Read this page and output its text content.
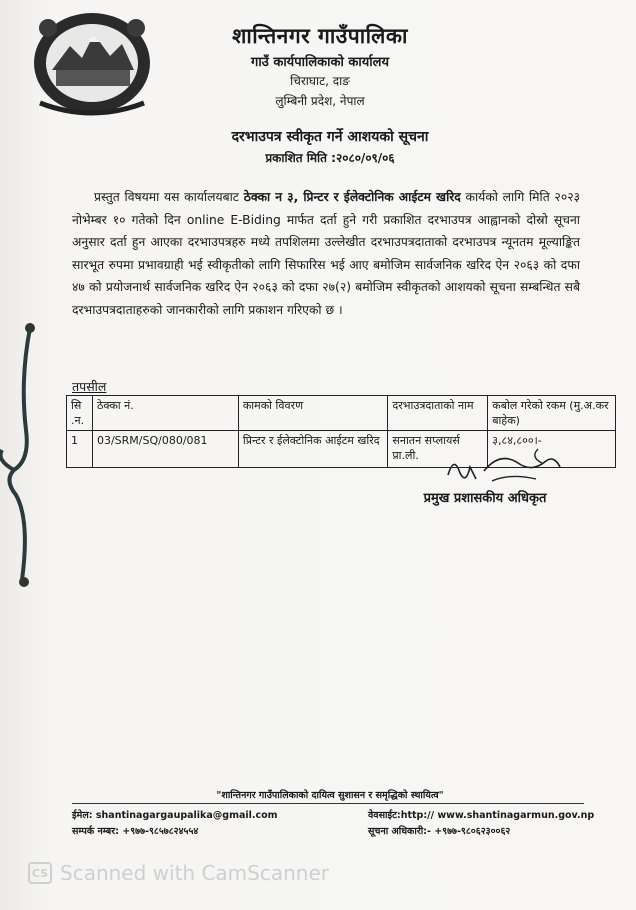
शान्तिनगर गाउँपालिका
गाउँ कार्यपालिकाको कार्यालय
चिराघाट, दाङ
लुम्बिनी प्रदेश, नेपाल
दरभाउपत्र स्वीकृत गर्ने आशयको सूचना
प्रकाशित मिति :२०८०/०९/०६
प्रस्तुत विषयमा यस कार्यालयबाट ठेक्का न ३, प्रिन्टर र ईलेक्टोनिक आईटम खरिद कार्यको लागि मिति २०२३ नोभेम्बर १० गतेको दिन online E-Biding मार्फत दर्ता हुने गरी प्रकाशित दरभाउपत्र आह्वानको दोस्रो सूचना अनुसार दर्ता हुन आएका दरभाउपत्रहरु मध्ये तपशिलमा उल्लेखीत दरभाउपत्रदाताको दरभाउपत्र न्यूनतम मूल्याङ्कित सारभूत रुपमा प्रभावग्राही भई स्वीकृतीको लागि सिफारिस भई आए बमोजिम सार्वजनिक खरिद ऐन २०६३ को दफा ४७ को प्रयोजनार्थ सार्वजनिक खरिद ऐन २०६३ को दफा २७(२) बमोजिम स्वीकृतको आशयको सूचना सम्बन्धित सबै दरभाउपत्रदाताहरुको जानकारीको लागि प्रकाशन गरिएको छ ।
तपसील
सि .न.	ठेक्का नं.	कामको विवरण	दरभाउत्रदाताको नाम	कबोल गरेको रकम (मु.अ.कर बाहेक)
1	03/SRM/SQ/080/081	प्रिन्टर र ईलेक्टोनिक आईटम खरिद	सनातन सप्लायर्स प्रा.ली.	३,८४,८००।-
प्रमुख प्रशासकीय अधिकृत
"शान्तिनगर गाउँपालिकाको दायित्व सुशासन र समृद्धिको स्थायित्व"
ईमेल: shantinagargaupalika@gmail.com
सम्पर्क नम्बर: +९७७-९८५७८२४५५४
वेवसाईट:http:// www.shantinagarmun.gov.np
सूचना अधिकारी:- +९७७-९८०६२३००६२
CS Scanned with CamScanner
